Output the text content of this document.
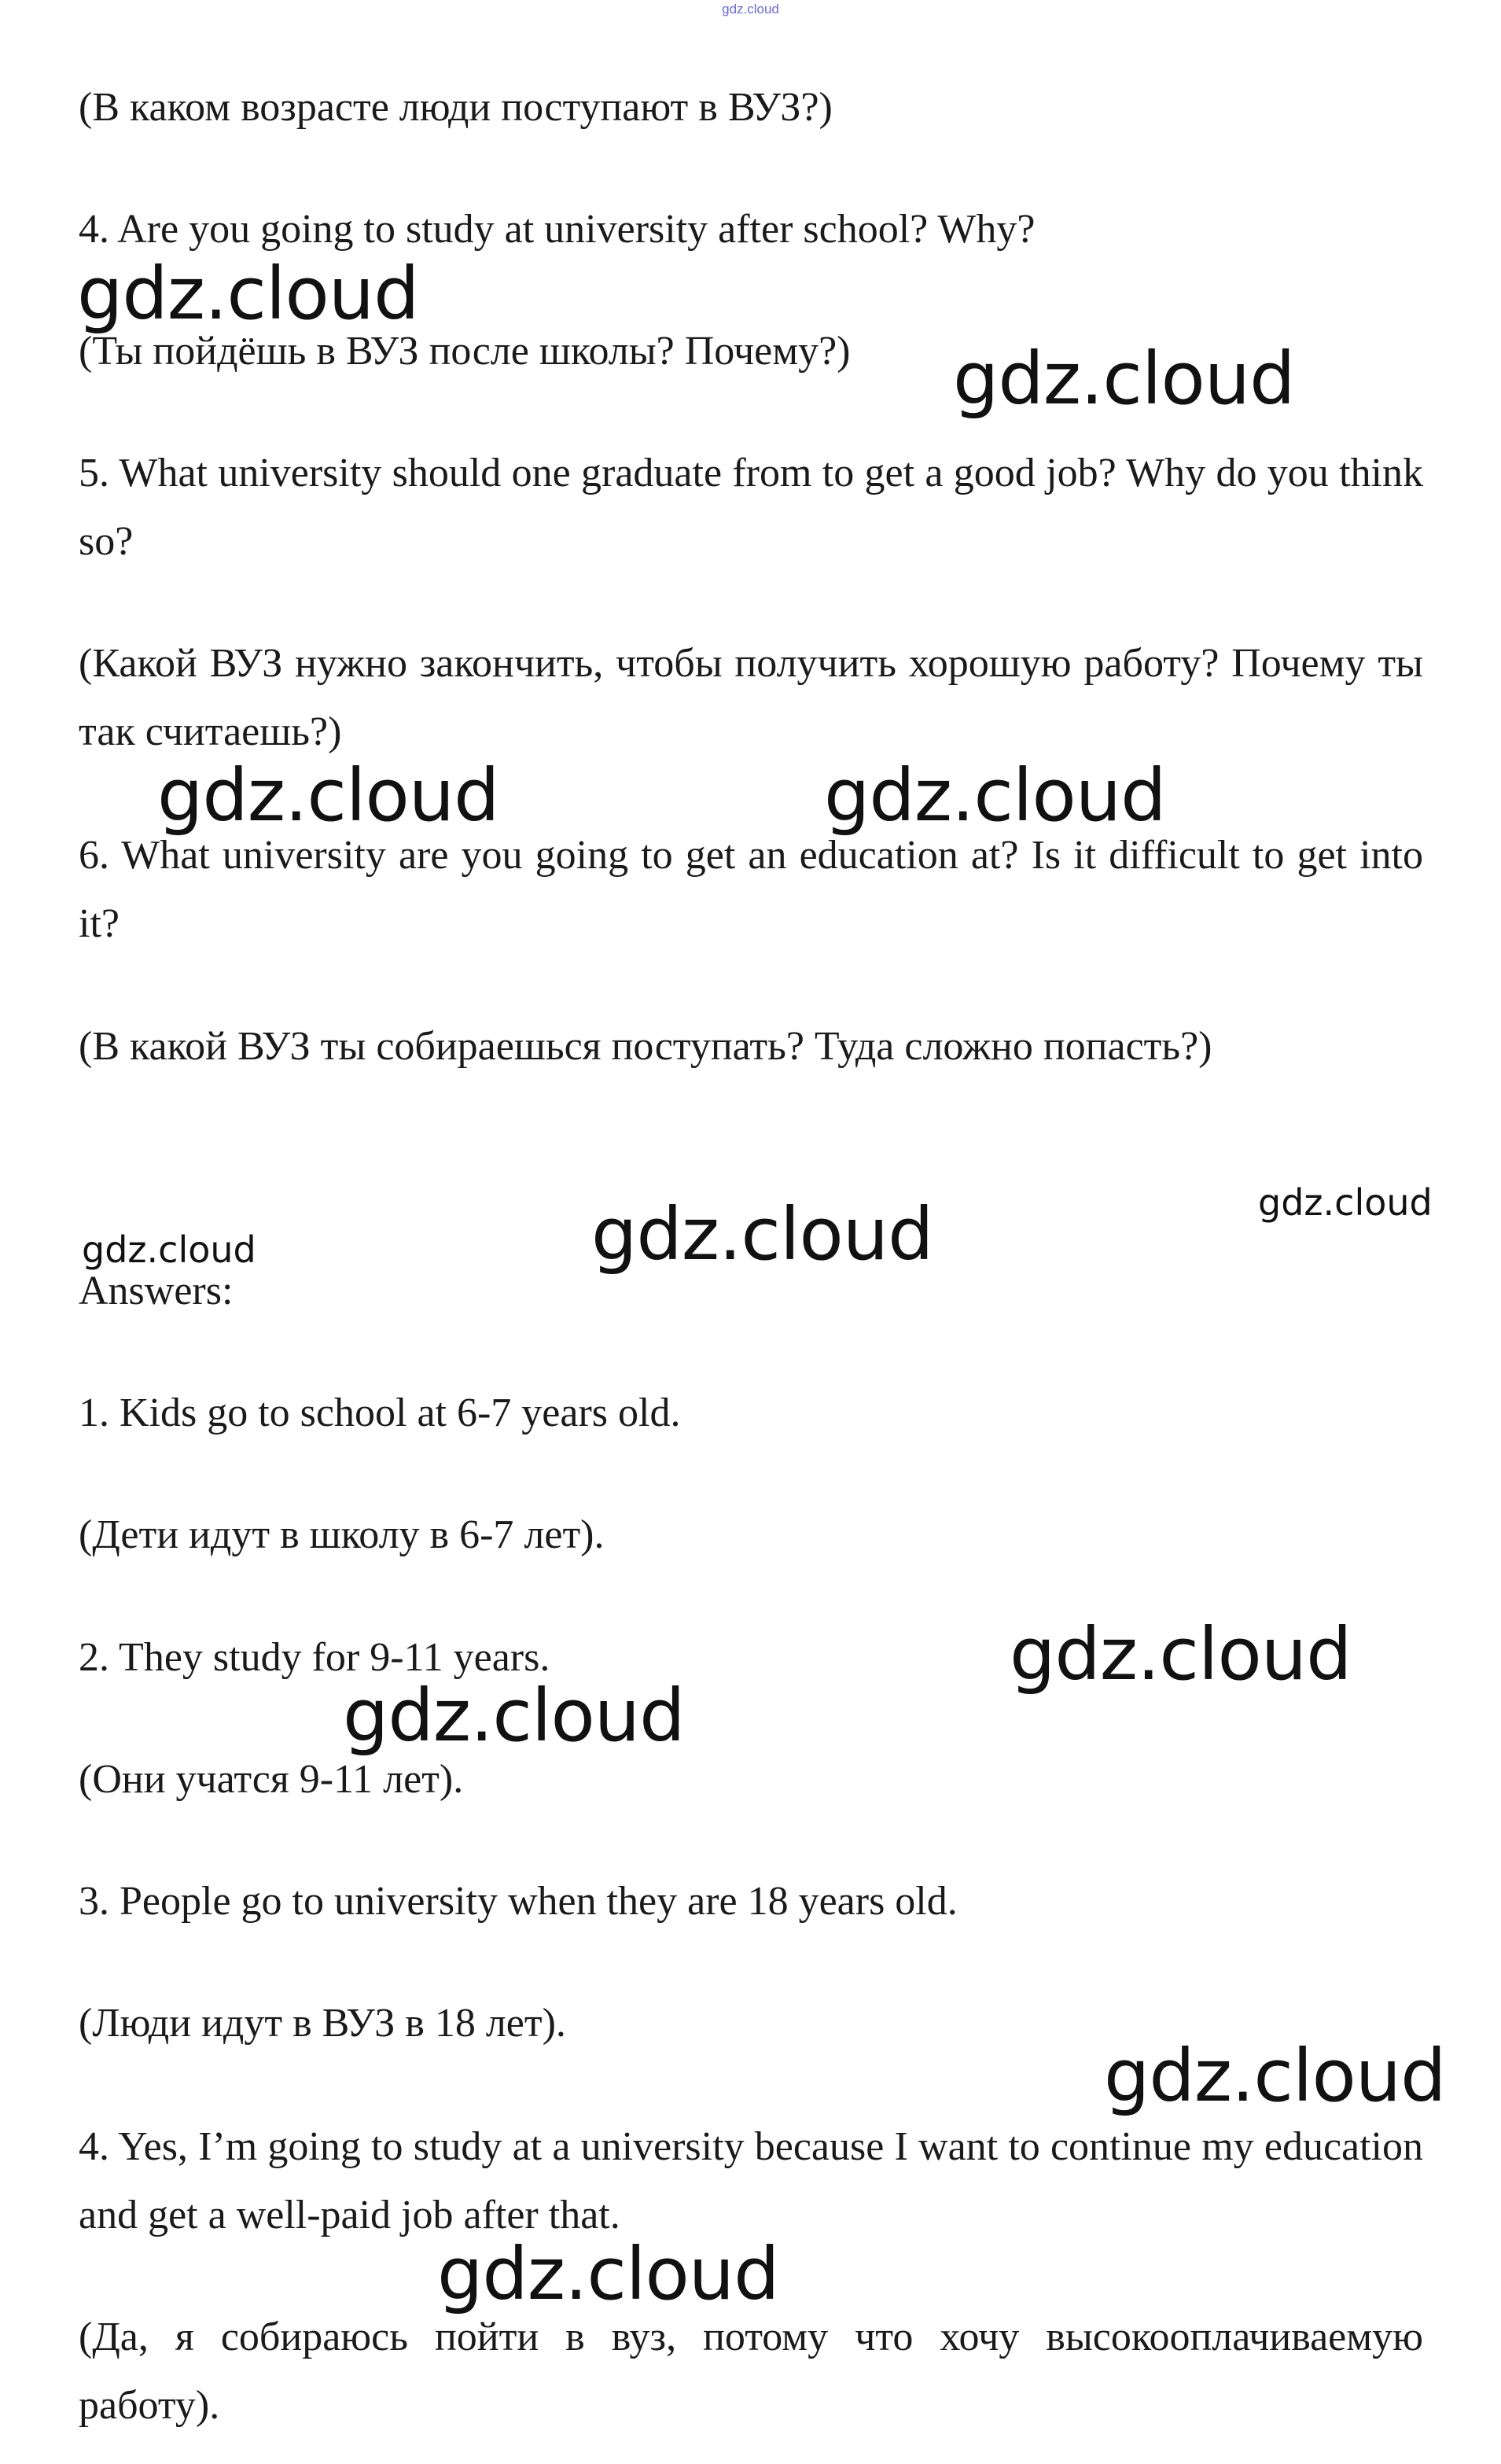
gdz.cloud

(В каком возрасте люди поступают в ВУЗ?)

4. Are you going to study at university after school? Why?

gdz.cloud

(Ты пойдёшь в ВУЗ после школы? Почему?)	gdz.cloud

5. What university should one graduate from to get a good job? Why do you think so?

(Какой ВУЗ нужно закончить, чтобы получить хорошую работу? Почему ты так считаешь?)

gdz.cloud	gdz.cloud

6. What university are you going to get an education at? Is it difficult to get into it?

(В какой ВУЗ ты собираешься поступать? Туда сложно попасть?)

gdz.cloud
gdz.cloud
gdz.cloud

Answers:

1. Kids go to school at 6-7 years old.

(Дети идут в школу в 6-7 лет).

gdz.cloud

2. They study for 9-11 years.

gdz.cloud

(Они учатся 9-11 лет).

3. People go to university when they are 18 years old.

(Люди идут в ВУЗ в 18 лет).

gdz.cloud

4. Yes, I’m going to study at a university because I want to continue my education and get a well-paid job after that.

gdz.cloud

(Да, я собираюсь пойти в вуз, потому что хочу высокооплачиваемую работу).
